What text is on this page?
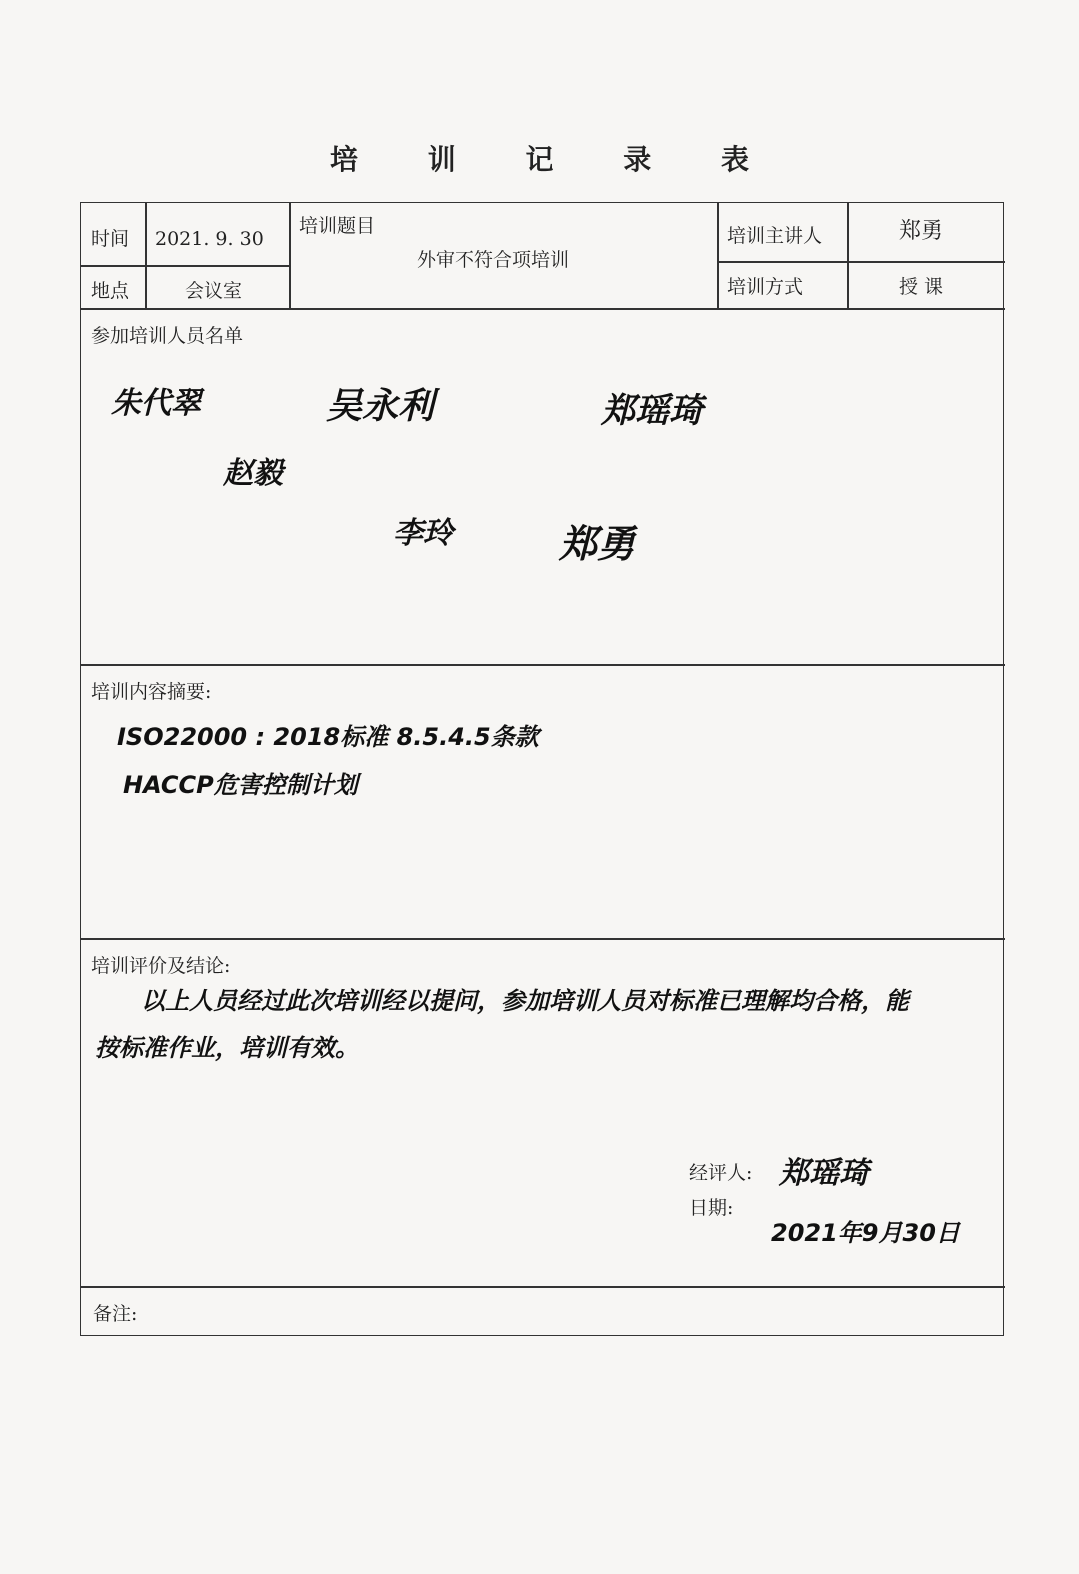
培 训 记 录 表
时间 2021. 9. 30
地点	会议室
培训题目
外审不符合项培训
培训主讲人	郑勇
培训方式	授 课
参加培训人员名单
朱代翠	吴永利	郑瑶琦
赵毅
李玲	郑勇
培训内容摘要:
ISO22000 : 2018标准 8.5.4.5条款
HACCP危害控制计划
培训评价及结论:
以上人员经过此次培训经以提问，参加培训人员对标准已理解均合格，能
按标准作业，培训有效。
经评人: 郑瑶琦
日期:
2021年9月30日
备注:
